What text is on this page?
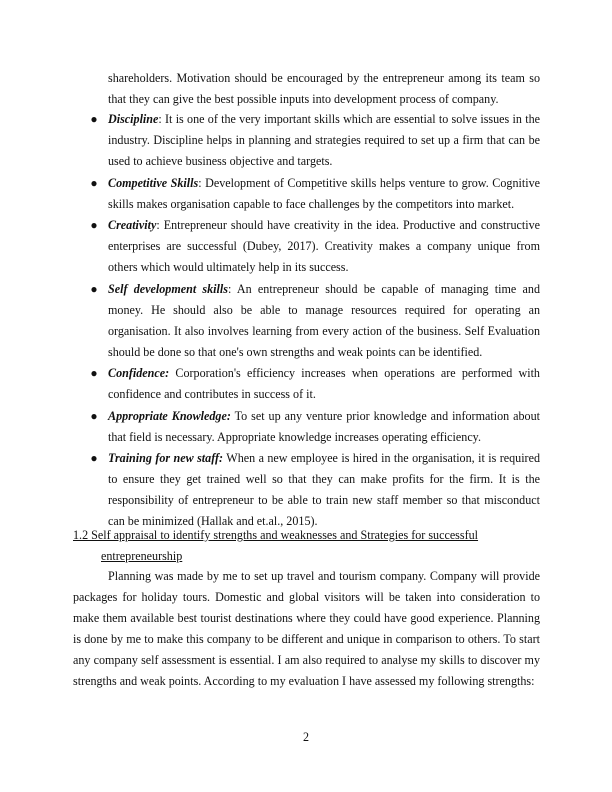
shareholders. Motivation should be encouraged by the entrepreneur among its team so that they can give the best possible inputs into development process of company.

● Discipline: It is one of the very important skills which are essential to solve issues in the industry. Discipline helps in planning and strategies required to set up a firm that can be used to achieve business objective and targets.
● Competitive Skills: Development of Competitive skills helps venture to grow. Cognitive skills makes organisation capable to face challenges by the competitors into market.
● Creativity: Entrepreneur should have creativity in the idea. Productive and constructive enterprises are successful (Dubey, 2017). Creativity makes a company unique from others which would ultimately help in its success.
● Self development skills: An entrepreneur should be capable of managing time and money. He should also be able to manage resources required for operating an organisation. It also involves learning from every action of the business. Self Evaluation should be done so that one's own strengths and weak points can be identified.
● Confidence: Corporation's efficiency increases when operations are performed with confidence and contributes in success of it.
● Appropriate Knowledge: To set up any venture prior knowledge and information about that field is necessary. Appropriate knowledge increases operating efficiency.
● Training for new staff: When a new employee is hired in the organisation, it is required to ensure they get trained well so that they can make profits for the firm. It is the responsibility of entrepreneur to be able to train new staff member so that misconduct can be minimized (Hallak and et.al., 2015).

1.2 Self appraisal to identify strengths and weaknesses and Strategies for successful
entrepreneurship

Planning was made by me to set up travel and tourism company. Company will provide packages for holiday tours. Domestic and global visitors will be taken into consideration to make them available best tourist destinations where they could have good experience. Planning is done by me to make this company to be different and unique in comparison to others. To start any company self assessment is essential. I am also required to analyse my skills to discover my strengths and weak points. According to my evaluation I have assessed my following strengths:

2
